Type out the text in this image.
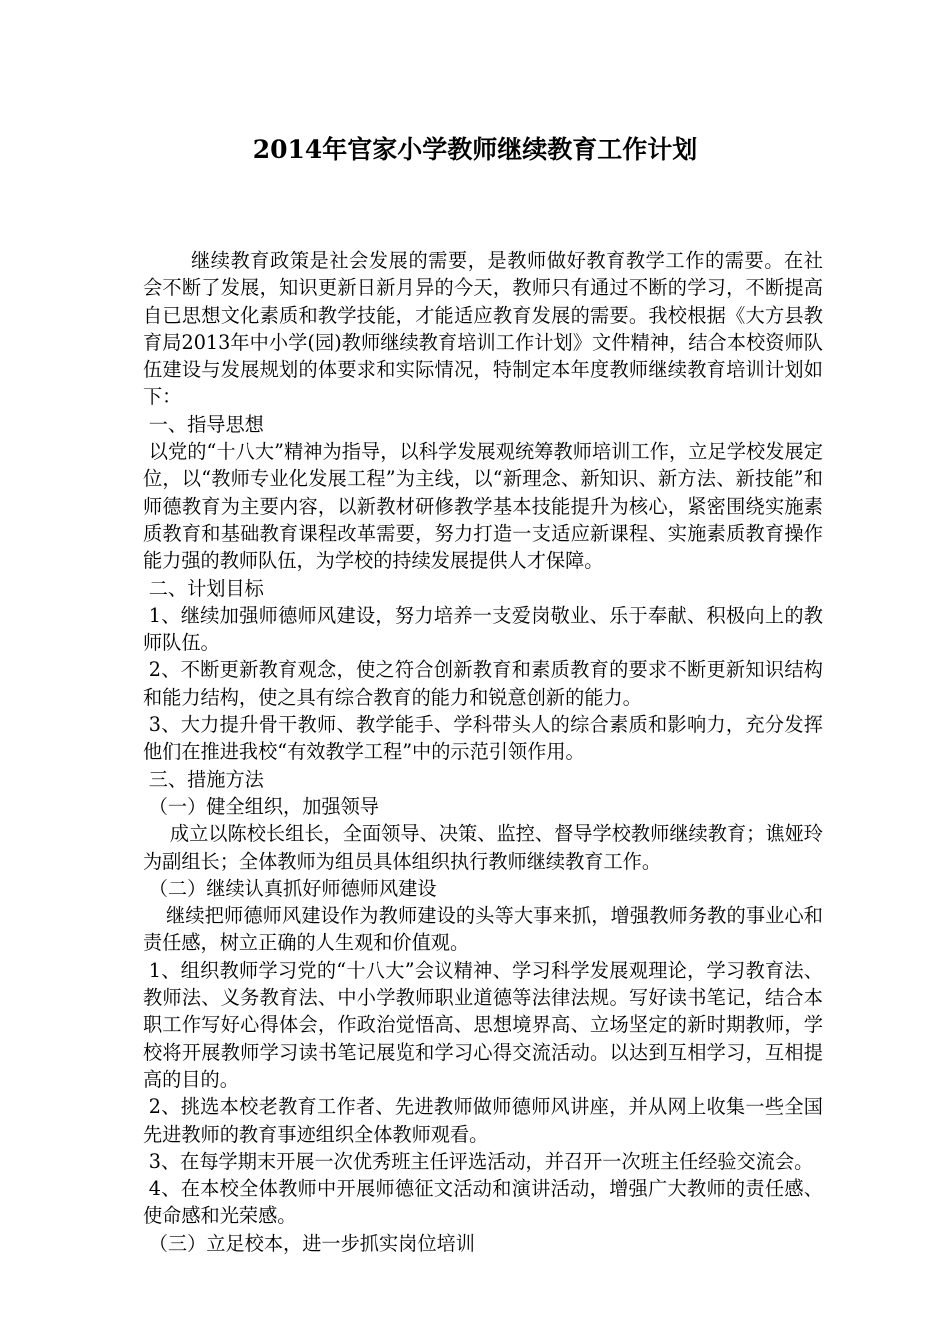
2014年官家小学教师继续教育工作计划

继续教育政策是社会发展的需要，是教师做好教育教学工作的需要。在社会不断了发展，知识更新日新月异的今天，教师只有通过不断的学习，不断提高自已思想文化素质和教学技能，才能适应教育发展的需要。我校根据《大方县教育局2013年中小学(园)教师继续教育培训工作计划》文件精神，结合本校资师队伍建设与发展规划的体要求和实际情况，特制定本年度教师继续教育培训计划如下：

一、指导思想

以党的“十八大”精神为指导，以科学发展观统筹教师培训工作，立足学校发展定位，以“教师专业化发展工程”为主线，以“新理念、新知识、新方法、新技能”和师德教育为主要内容，以新教材研修教学基本技能提升为核心，紧密围绕实施素质教育和基础教育课程改革需要，努力打造一支适应新课程、实施素质教育操作能力强的教师队伍，为学校的持续发展提供人才保障。

二、计划目标

1、继续加强师德师风建设，努力培养一支爱岗敬业、乐于奉献、积极向上的教师队伍。

2、不断更新教育观念，使之符合创新教育和素质教育的要求不断更新知识结构和能力结构，使之具有综合教育的能力和锐意创新的能力。

3、大力提升骨干教师、教学能手、学科带头人的综合素质和影响力，充分发挥他们在推进我校“有效教学工程”中的示范引领作用。

三、措施方法

（一）健全组织，加强领导

成立以陈校长组长，全面领导、决策、监控、督导学校教师继续教育；谯娅玲为副组长；全体教师为组员具体组织执行教师继续教育工作。

（二）继续认真抓好师德师风建设

继续把师德师风建设作为教师建设的头等大事来抓，增强教师务教的事业心和责任感，树立正确的人生观和价值观。

1、组织教师学习党的“十八大”会议精神、学习科学发展观理论，学习教育法、教师法、义务教育法、中小学教师职业道德等法律法规。写好读书笔记，结合本职工作写好心得体会，作政治觉悟高、思想境界高、立场坚定的新时期教师，学校将开展教师学习读书笔记展览和学习心得交流活动。以达到互相学习，互相提高的目的。

2、挑选本校老教育工作者、先进教师做师德师风讲座，并从网上收集一些全国先进教师的教育事迹组织全体教师观看。

3、在每学期末开展一次优秀班主任评选活动，并召开一次班主任经验交流会。

4、在本校全体教师中开展师德征文活动和演讲活动，增强广大教师的责任感、使命感和光荣感。

（三）立足校本，进一步抓实岗位培训
